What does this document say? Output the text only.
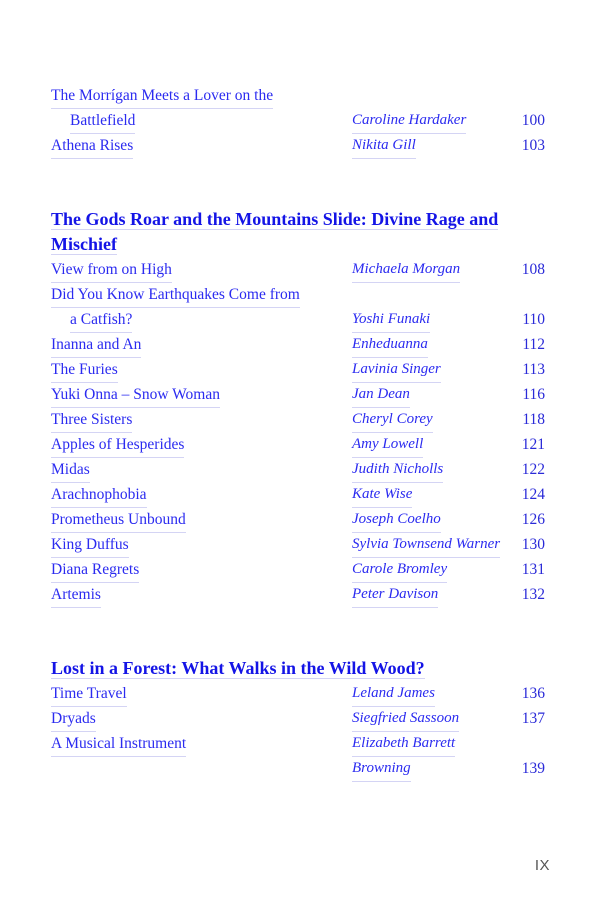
The Morrígan Meets a Lover on the
Battlefield	Caroline Hardaker	100
Athena Rises	Nikita Gill	103
The Gods Roar and the Mountains Slide: Divine Rage and
Mischief
View from on High	Michaela Morgan	108
Did You Know Earthquakes Come from
a Catfish?	Yoshi Funaki	110
Inanna and An	Enheduanna	112
The Furies	Lavinia Singer	113
Yuki Onna – Snow Woman	Jan Dean	116
Three Sisters	Cheryl Corey	118
Apples of Hesperides	Amy Lowell	121
Midas	Judith Nicholls	122
Arachnophobia	Kate Wise	124
Prometheus Unbound	Joseph Coelho	126
King Duffus	Sylvia Townsend Warner 130
Diana Regrets	Carole Bromley	131
Artemis	Peter Davison	132
Lost in a Forest: What Walks in the Wild Wood?
Time Travel	Leland James	136
Dryads	Siegfried Sassoon	137
A Musical Instrument	Elizabeth Barrett
Browning	139
IX
